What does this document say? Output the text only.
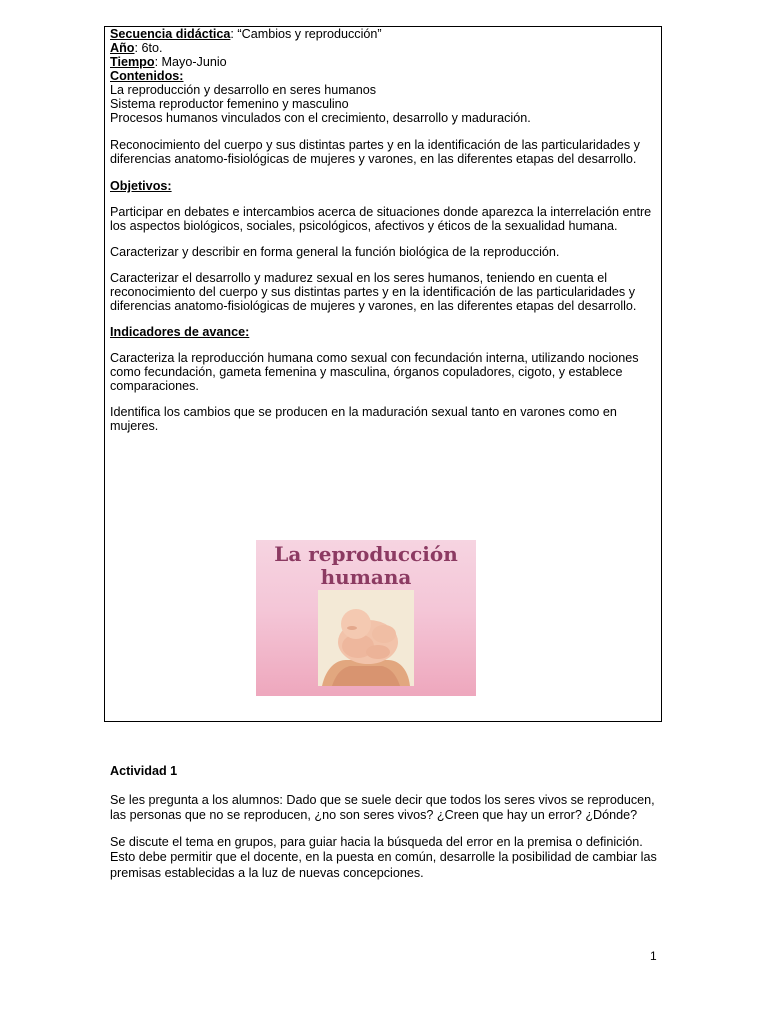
Secuencia didáctica: “Cambios y reproducción”
Año: 6to.
Tiempo: Mayo-Junio
Contenidos:
La reproducción y desarrollo en seres humanos
Sistema reproductor femenino y masculino
Procesos humanos vinculados con el crecimiento, desarrollo y maduración.

Reconocimiento del cuerpo y sus distintas partes y en la identificación de las particularidades y diferencias anatomo-fisiológicas de mujeres y varones, en las diferentes etapas del desarrollo.

Objetivos:

Participar en debates e intercambios acerca de situaciones donde aparezca la interrelación entre los aspectos biológicos, sociales, psicológicos, afectivos y éticos de la sexualidad humana.

Caracterizar y describir en forma general la función biológica de la reproducción.

Caracterizar el desarrollo y madurez sexual en los seres humanos, teniendo en cuenta el reconocimiento del cuerpo y sus distintas partes y en la identificación de las particularidades y diferencias anatomo-fisiológicas de mujeres y varones, en las diferentes etapas del desarrollo.

Indicadores de avance:

Caracteriza la reproducción humana como sexual con fecundación interna, utilizando nociones como fecundación, gameta femenina y masculina, órganos copuladores, cigoto, y establece comparaciones.

Identifica los cambios que se producen en la maduración sexual tanto en varones como en mujeres.

La reproducción
humana

Actividad 1

Se les pregunta a los alumnos: Dado que se suele decir que todos los seres vivos se reproducen, las personas que no se reproducen, ¿no son seres vivos? ¿Creen que hay un error? ¿Dónde?

Se discute el tema en grupos, para guiar hacia la búsqueda del error en la premisa o definición. Esto debe permitir que el docente, en la puesta en común, desarrolle la posibilidad de cambiar las premisas establecidas a la luz de nuevas concepciones.

1
